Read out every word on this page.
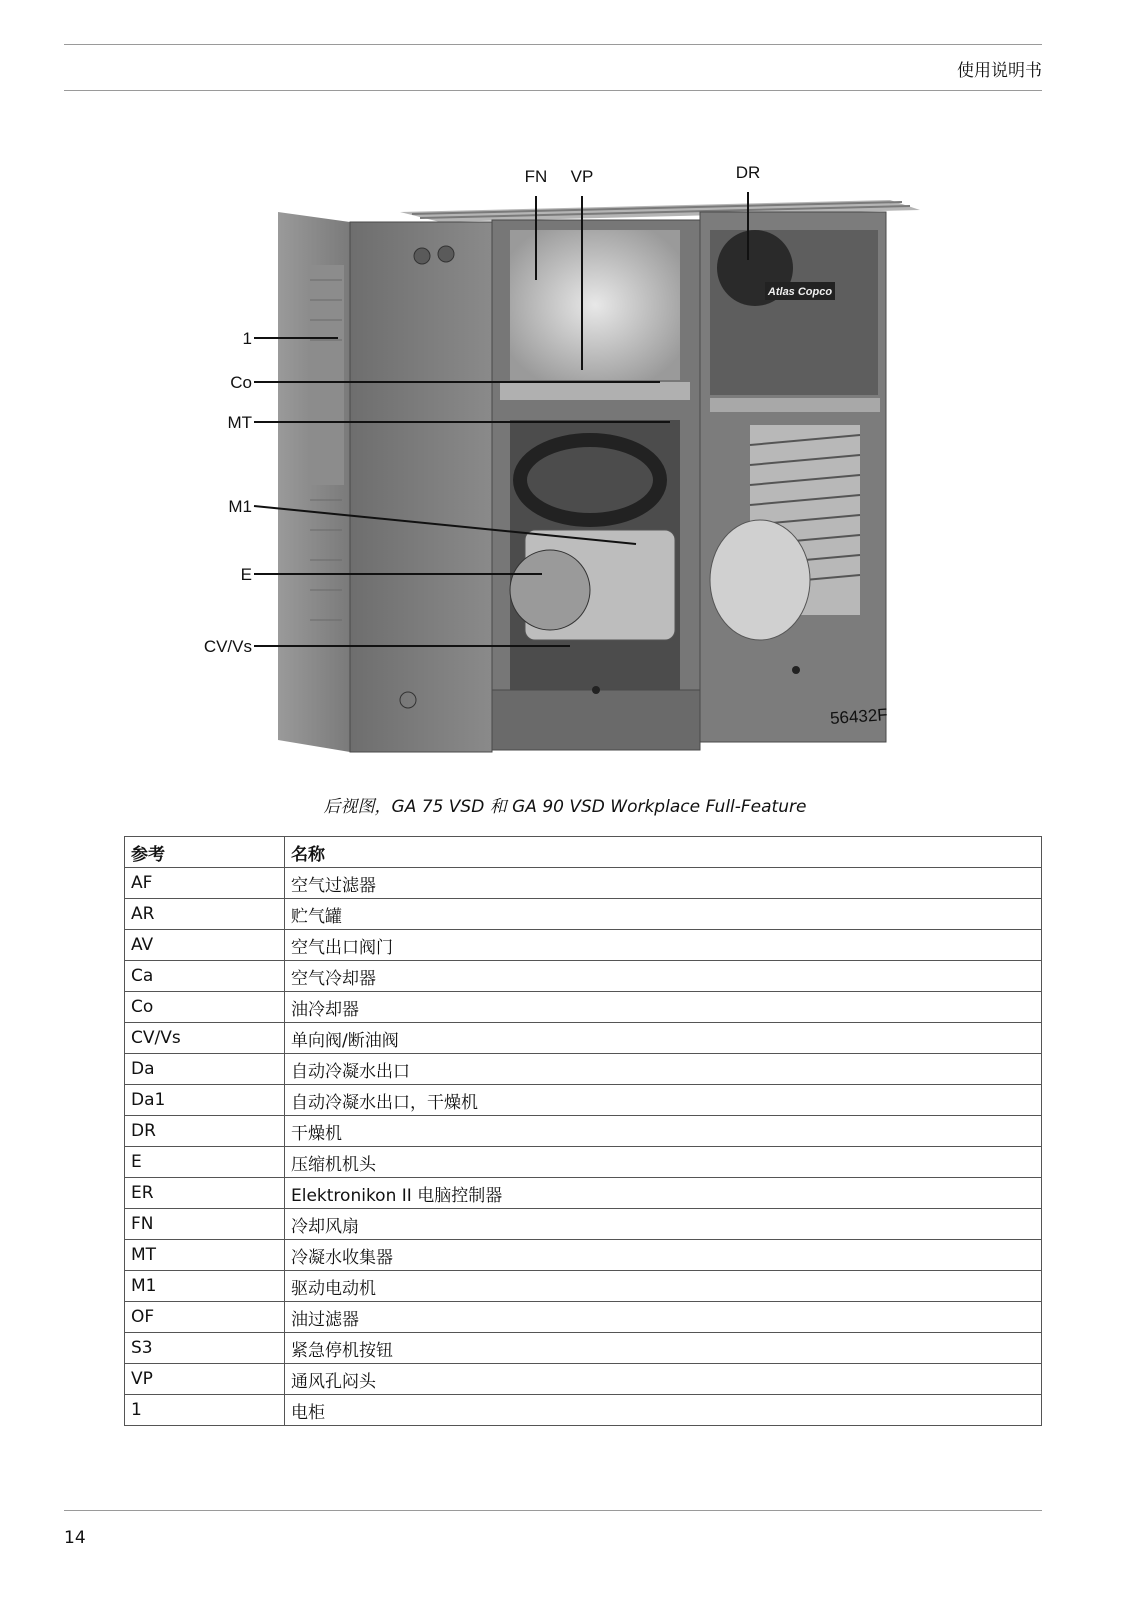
使用说明书
Atlas Copco
FN VP	DR
1
Co
MT
M1
E
CV/Vs
56432F
后视图，GA 75 VSD 和 GA 90 VSD Workplace Full-Feature
参考	名称
AF	空气过滤器
AR	贮气罐
AV	空气出口阀门
Ca	空气冷却器
Co	油冷却器
CV/Vs	单向阀/断油阀
Da	自动冷凝水出口
Da1	自动冷凝水出口，干燥机
DR	干燥机
E	压缩机机头
ER	Elektronikon II 电脑控制器
FN	冷却风扇
MT	冷凝水收集器
M1	驱动电动机
OF	油过滤器
S3	紧急停机按钮
VP	通风孔闷头
1	电柜
14
